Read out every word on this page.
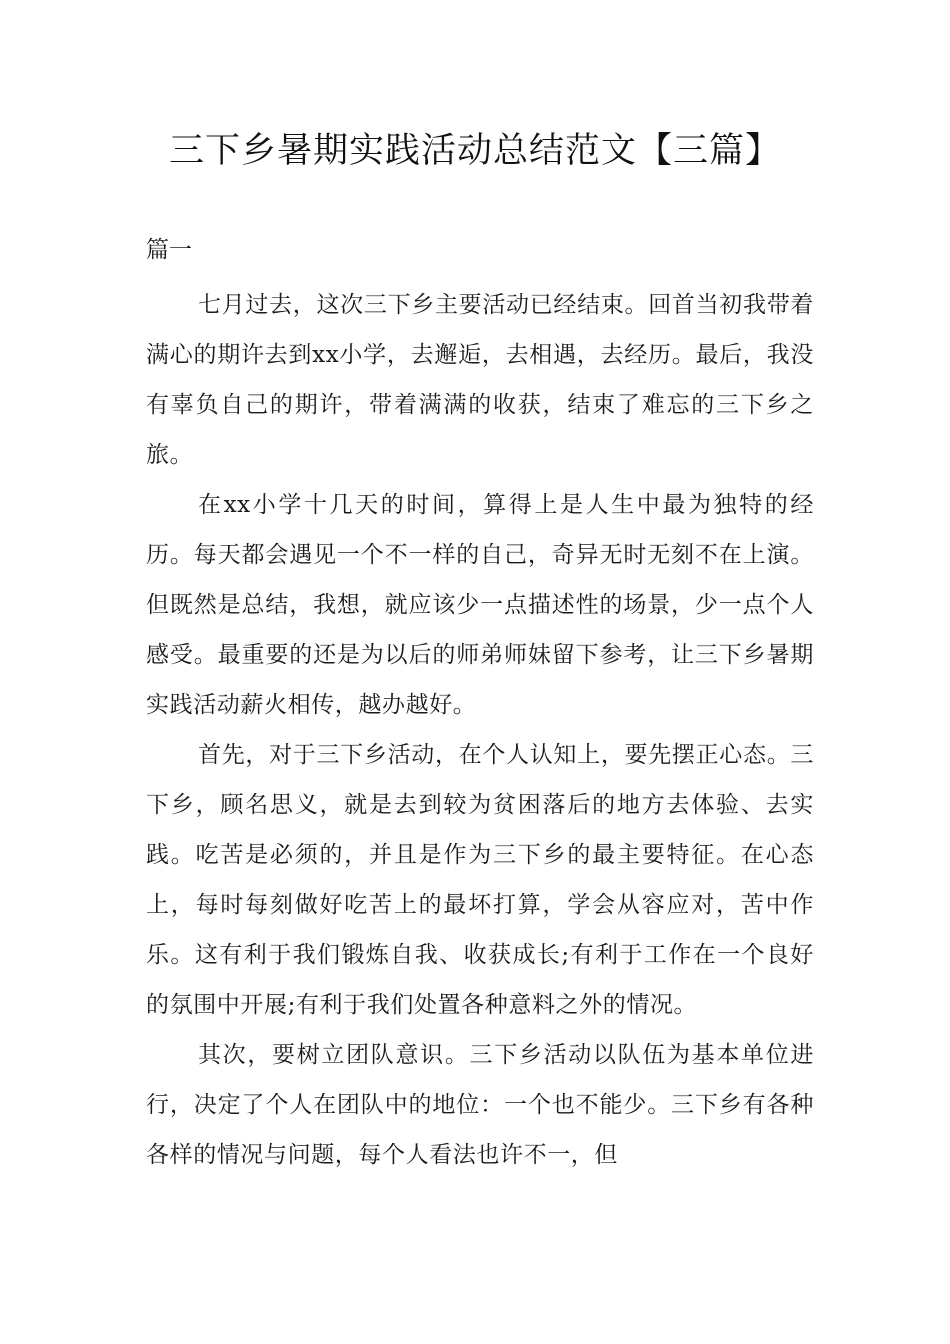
三下乡暑期实践活动总结范文【三篇】

篇一

七月过去，这次三下乡主要活动已经结束。回首当初我带着满心的期许去到xx小学，去邂逅，去相遇，去经历。最后，我没有辜负自己的期许，带着满满的收获，结束了难忘的三下乡之旅。

在xx小学十几天的时间，算得上是人生中最为独特的经历。每天都会遇见一个不一样的自己，奇异无时无刻不在上演。但既然是总结，我想，就应该少一点描述性的场景，少一点个人感受。最重要的还是为以后的师弟师妹留下参考，让三下乡暑期实践活动薪火相传，越办越好。

首先，对于三下乡活动，在个人认知上，要先摆正心态。三下乡，顾名思义，就是去到较为贫困落后的地方去体验、去实践。吃苦是必须的，并且是作为三下乡的最主要特征。在心态上，每时每刻做好吃苦上的最坏打算，学会从容应对，苦中作乐。这有利于我们锻炼自我、收获成长;有利于工作在一个良好的氛围中开展;有利于我们处置各种意料之外的情况。

其次，要树立团队意识。三下乡活动以队伍为基本单位进行，决定了个人在团队中的地位：一个也不能少。三下乡有各种各样的情况与问题，每个人看法也许不一，但
